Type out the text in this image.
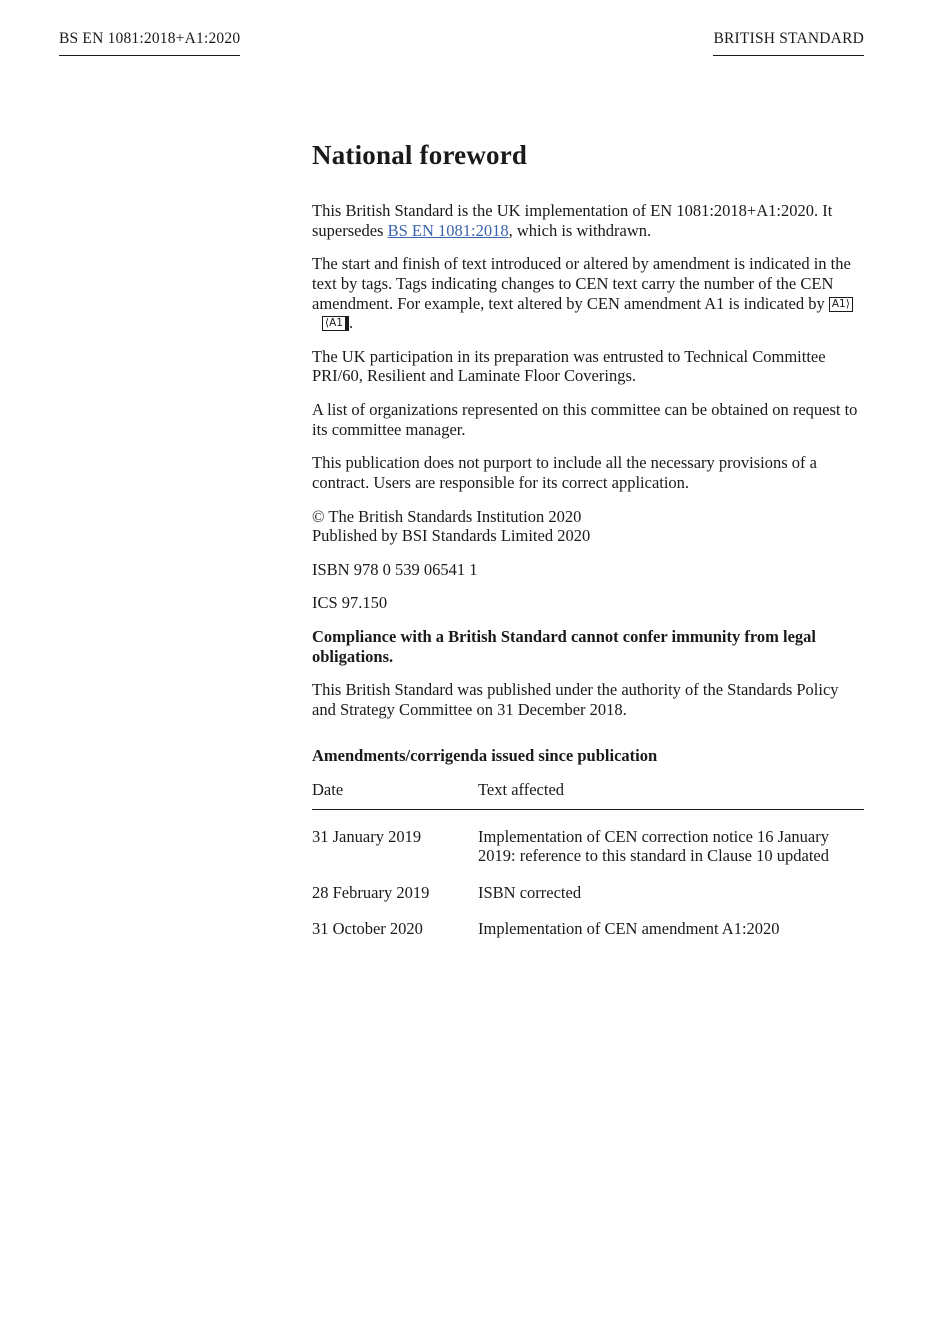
BS EN 1081:2018+A1:2020	BRITISH STANDARD
National foreword

This British Standard is the UK implementation of EN 1081:2018+A1:2020. It supersedes BS EN 1081:2018, which is withdrawn.

The start and finish of text introduced or altered by amendment is indicated in the text by tags. Tags indicating changes to CEN text carry the number of the CEN amendment. For example, text altered by CEN amendment A1 is indicated by A1⟩⟨A1 .

The UK participation in its preparation was entrusted to Technical Committee PRI/60, Resilient and Laminate Floor Coverings.

A list of organizations represented on this committee can be obtained on request to its committee manager.

This publication does not purport to include all the necessary provisions of a contract. Users are responsible for its correct application.

© The British Standards Institution 2020
Published by BSI Standards Limited 2020

ISBN 978 0 539 06541 1

ICS 97.150

Compliance with a British Standard cannot confer immunity from legal obligations.

This British Standard was published under the authority of the Standards Policy and Strategy Committee on 31 December 2018.

Amendments/corrigenda issued since publication
Date	Text affected
31 January 2019	Implementation of CEN correction notice 16 January 2019: reference to this standard in Clause 10 updated
28 February 2019	ISBN corrected
31 October 2020	Implementation of CEN amendment A1:2020
